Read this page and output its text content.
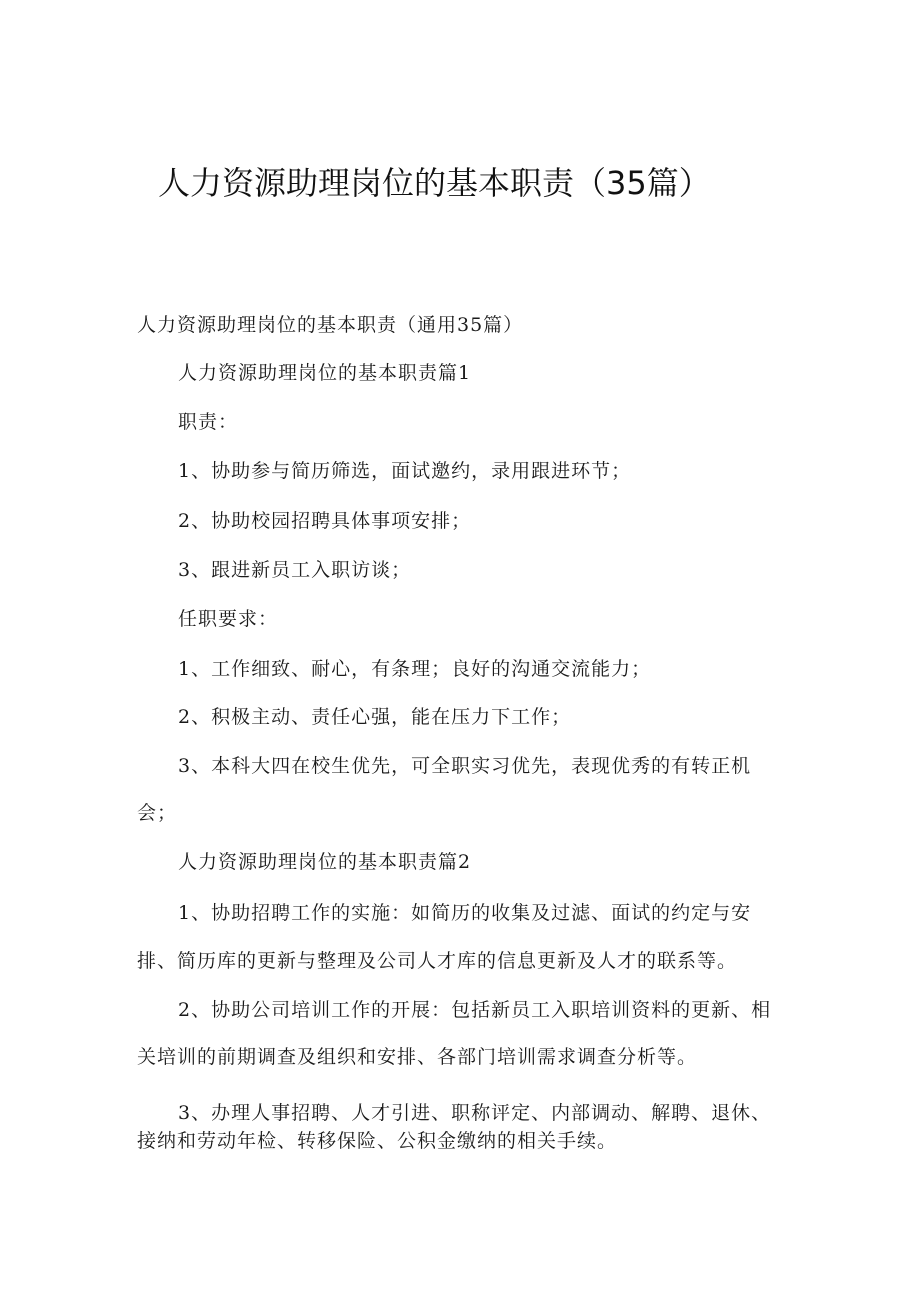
人力资源助理岗位的基本职责（35篇）
人力资源助理岗位的基本职责（通用35篇）
人力资源助理岗位的基本职责篇1
职责：
1、协助参与简历筛选，面试邀约，录用跟进环节；
2、协助校园招聘具体事项安排；
3、跟进新员工入职访谈；
任职要求：
1、工作细致、耐心，有条理；良好的沟通交流能力；
2、积极主动、责任心强，能在压力下工作；
3、本科大四在校生优先，可全职实习优先，表现优秀的有转正机
会；
人力资源助理岗位的基本职责篇2
1、协助招聘工作的实施：如简历的收集及过滤、面试的约定与安
排、简历库的更新与整理及公司人才库的信息更新及人才的联系等。
2、协助公司培训工作的开展：包括新员工入职培训资料的更新、相
关培训的前期调查及组织和安排、各部门培训需求调查分析等。
3、办理人事招聘、人才引进、职称评定、内部调动、解聘、退休、
接纳和劳动年检、转移保险、公积金缴纳的相关手续。
